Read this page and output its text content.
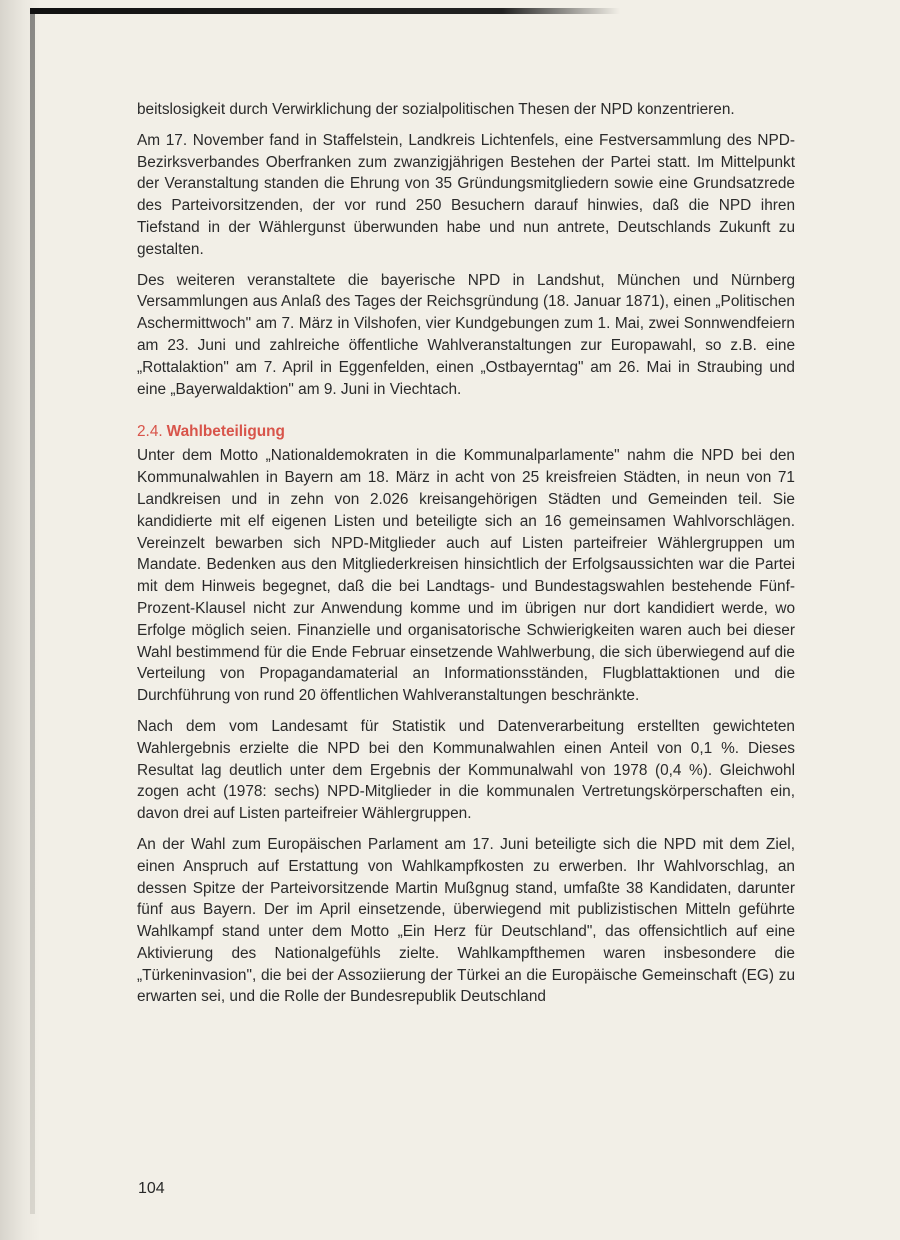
beitslosigkeit durch Verwirklichung der sozialpolitischen Thesen der NPD konzentrieren.

Am 17. November fand in Staffelstein, Landkreis Lichtenfels, eine Festversammlung des NPD-Bezirksverbandes Oberfranken zum zwanzigjährigen Bestehen der Partei statt. Im Mittelpunkt der Veranstaltung standen die Ehrung von 35 Gründungsmitgliedern sowie eine Grundsatzrede des Parteivorsitzenden, der vor rund 250 Besuchern darauf hinwies, daß die NPD ihren Tiefstand in der Wählergunst überwunden habe und nun antrete, Deutschlands Zukunft zu gestalten.

Des weiteren veranstaltete die bayerische NPD in Landshut, München und Nürnberg Versammlungen aus Anlaß des Tages der Reichsgründung (18. Januar 1871), einen „Politischen Aschermittwoch" am 7. März in Vilshofen, vier Kundgebungen zum 1. Mai, zwei Sonnwendfeiern am 23. Juni und zahlreiche öffentliche Wahlveranstaltungen zur Europawahl, so z.B. eine „Rottalaktion" am 7. April in Eggenfelden, einen „Ostbayerntag" am 26. Mai in Straubing und eine „Bayerwaldaktion" am 9. Juni in Viechtach.

2.4. Wahlbeteiligung

Unter dem Motto „Nationaldemokraten in die Kommunalparlamente" nahm die NPD bei den Kommunalwahlen in Bayern am 18. März in acht von 25 kreisfreien Städten, in neun von 71 Landkreisen und in zehn von 2.026 kreisangehörigen Städten und Gemeinden teil. Sie kandidierte mit elf eigenen Listen und beteiligte sich an 16 gemeinsamen Wahlvorschlägen. Vereinzelt bewarben sich NPD-Mitglieder auch auf Listen parteifreier Wählergruppen um Mandate. Bedenken aus den Mitgliederkreisen hinsichtlich der Erfolgsaussichten war die Partei mit dem Hinweis begegnet, daß die bei Landtags- und Bundestagswahlen bestehende Fünf-Prozent-Klausel nicht zur Anwendung komme und im übrigen nur dort kandidiert werde, wo Erfolge möglich seien. Finanzielle und organisatorische Schwierigkeiten waren auch bei dieser Wahl bestimmend für die Ende Februar einsetzende Wahlwerbung, die sich überwiegend auf die Verteilung von Propagandamaterial an Informationsständen, Flugblattaktionen und die Durchführung von rund 20 öffentlichen Wahlveranstaltungen beschränkte.

Nach dem vom Landesamt für Statistik und Datenverarbeitung erstellten gewichteten Wahlergebnis erzielte die NPD bei den Kommunalwahlen einen Anteil von 0,1 %. Dieses Resultat lag deutlich unter dem Ergebnis der Kommunalwahl von 1978 (0,4 %). Gleichwohl zogen acht (1978: sechs) NPD-Mitglieder in die kommunalen Vertretungskörperschaften ein, davon drei auf Listen parteifreier Wählergruppen.

An der Wahl zum Europäischen Parlament am 17. Juni beteiligte sich die NPD mit dem Ziel, einen Anspruch auf Erstattung von Wahlkampfkosten zu erwerben. Ihr Wahlvorschlag, an dessen Spitze der Parteivorsitzende Martin Mußgnug stand, umfaßte 38 Kandidaten, darunter fünf aus Bayern. Der im April einsetzende, überwiegend mit publizistischen Mitteln geführte Wahlkampf stand unter dem Motto „Ein Herz für Deutschland", das offensichtlich auf eine Aktivierung des Nationalgefühls zielte. Wahlkampfthemen waren insbesondere die „Türkeninvasion", die bei der Assoziierung der Türkei an die Europäische Gemeinschaft (EG) zu erwarten sei, und die Rolle der Bundesrepublik Deutschland

104
